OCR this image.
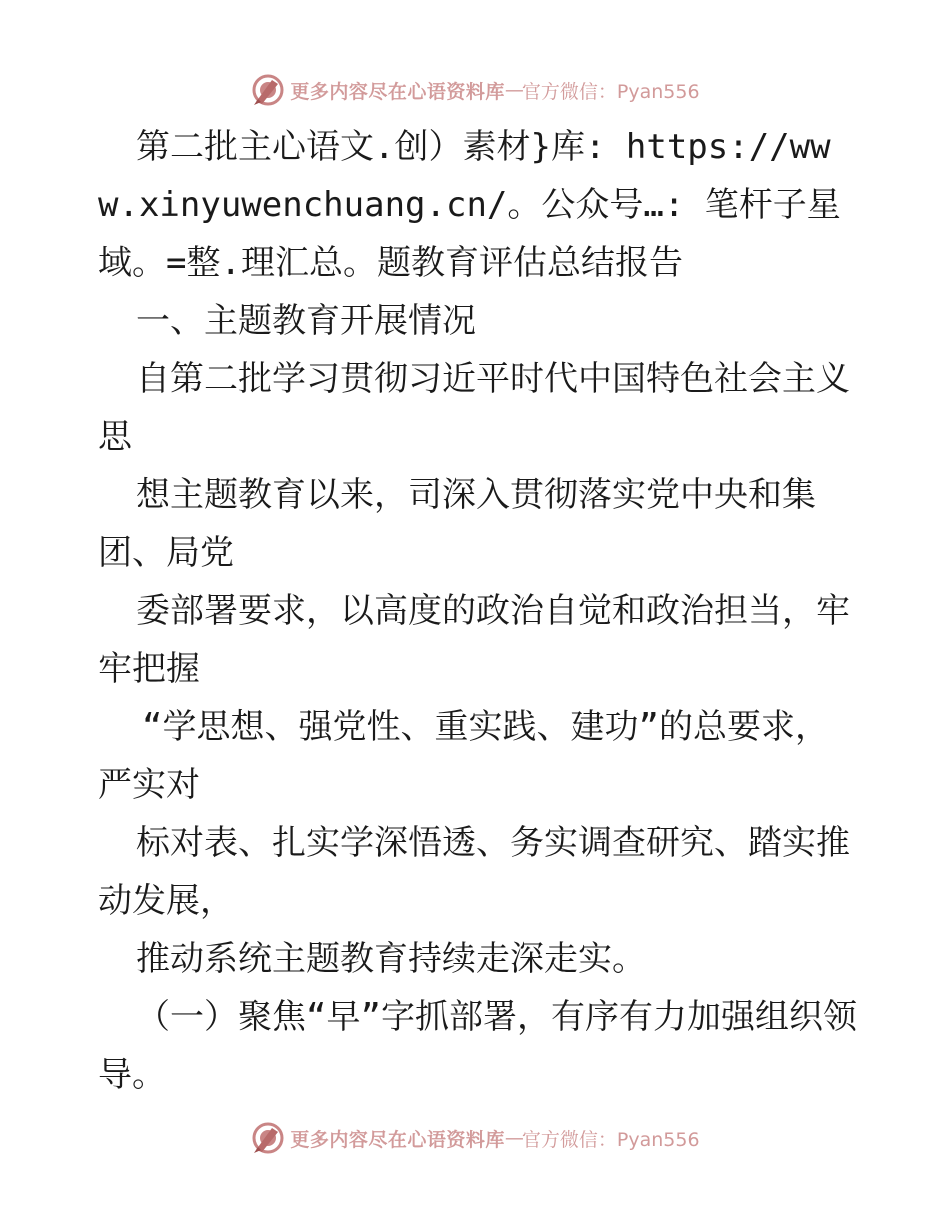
更多内容尽在心语资料库 — 官方微信：Pyan556

第二批主心语文.创）素材}库: https://www.xinyuwenchuang.cn/。公众号…: 笔杆子星域。=整.理汇总。题教育评估总结报告

一、主题教育开展情况

自第二批学习贯彻习近平时代中国特色社会主义思

想主题教育以来，司深入贯彻落实党中央和集团、局党

委部署要求，以高度的政治自觉和政治担当，牢牢把握

“学思想、强党性、重实践、建功”的总要求，严实对

标对表、扎实学深悟透、务实调查研究、踏实推动发展，

推动系统主题教育持续走深走实。

（一）聚焦“早”字抓部署，有序有力加强组织领导。

更多内容尽在心语资料库 — 官方微信：Pyan556
